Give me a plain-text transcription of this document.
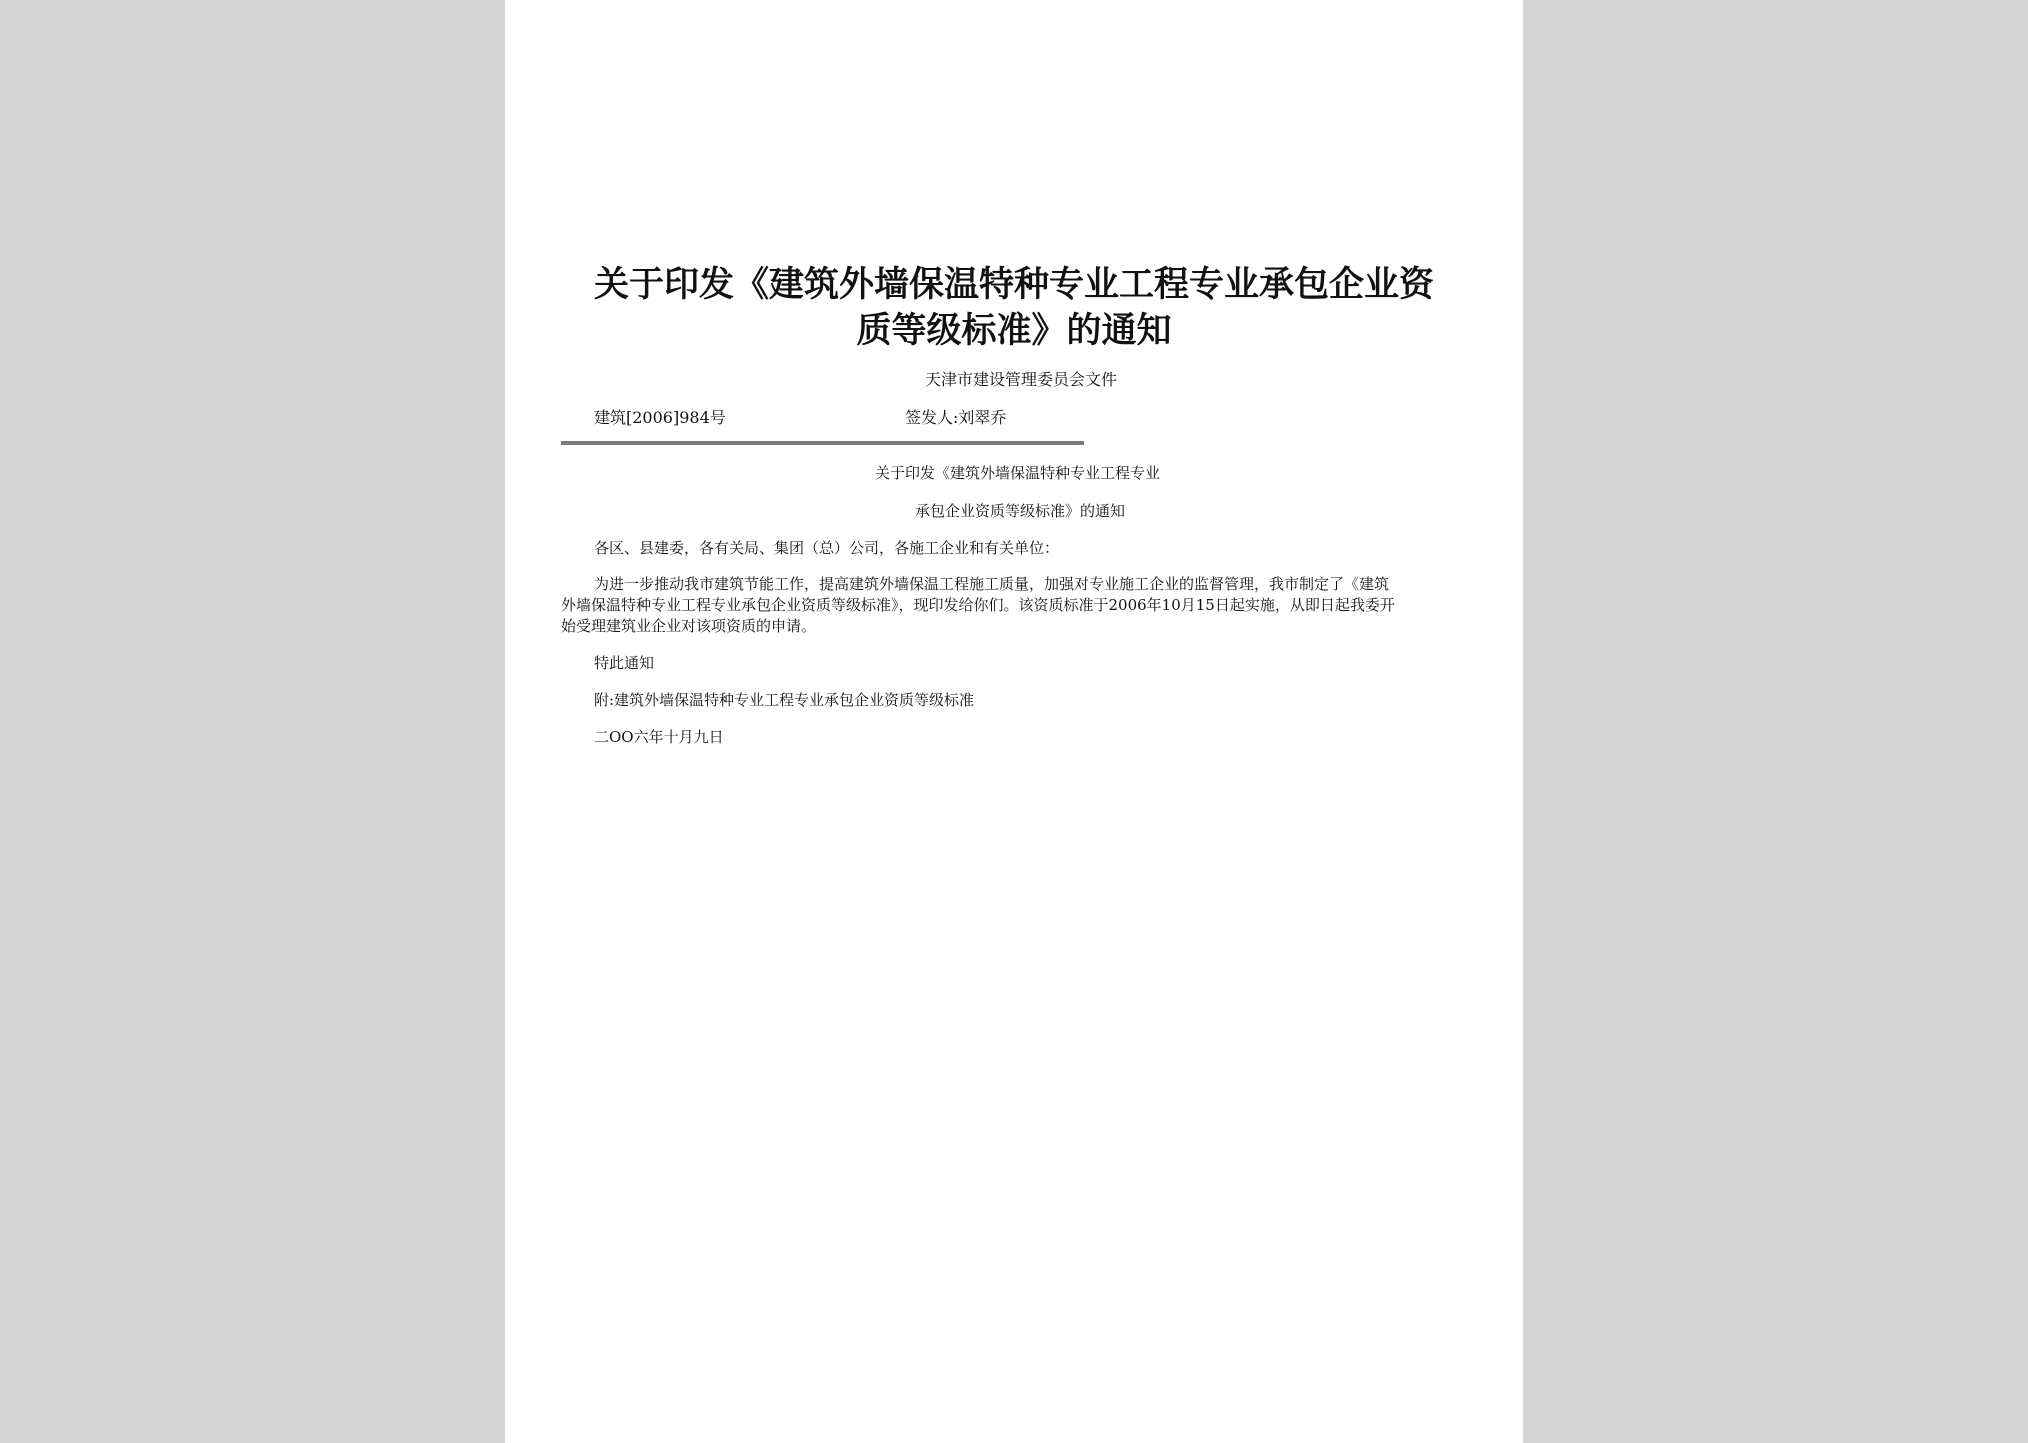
关于印发《建筑外墙保温特种专业工程专业承包企业资
质等级标准》的通知
天津市建设管理委员会文件
建筑[2006]984号	签发人:刘翠乔
关于印发《建筑外墙保温特种专业工程专业
承包企业资质等级标准》的通知
各区、县建委，各有关局、集团（总）公司，各施工企业和有关单位：
为进一步推动我市建筑节能工作，提高建筑外墙保温工程施工质量，加强对专业施工企业的监督管理，我市制定了《建筑
外墙保温特种专业工程专业承包企业资质等级标准》，现印发给你们。该资质标准于2006年10月15日起实施，从即日起我委开
始受理建筑业企业对该项资质的申请。
特此通知
附:建筑外墙保温特种专业工程专业承包企业资质等级标准
二OO六年十月九日
